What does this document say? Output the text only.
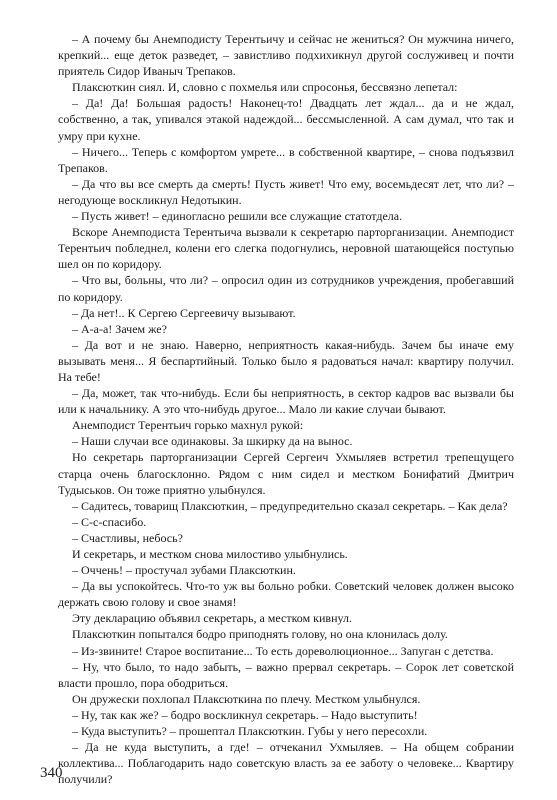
– А почему бы Анемподисту Терентьичу и сейчас не жениться? Он мужчина ничего, крепкий... еще деток разведет, – завистливо подхихикнул другой сослуживец и почти приятель Сидор Иваныч Трепаков.

Плаксюткин сиял. И, словно с похмелья или спросонья, бессвязно лепетал:

– Да! Да! Большая радость! Наконец-то! Двадцать лет ждал... да и не ждал, собственно, а так, упивался этакой надеждой... бессмысленной. А сам думал, что так и умру при кухне.

– Ничего... Теперь с комфортом умрете... в собственной квартире, – снова подъязвил Трепаков.

– Да что вы все смерть да смерть! Пусть живет! Что ему, восемьдесят лет, что ли? – негодующе воскликнул Недотыкин.

– Пусть живет! – единогласно решили все служащие статотдела.

Вскоре Анемподиста Терентьича вызвали к секретарю парторганизации. Анемподист Терентьич побледнел, колени его слегка подогнулись, неровной шатающейся поступью шел он по коридору.

– Что вы, больны, что ли? – опросил один из сотрудников учреждения, пробегавший по коридору.

– Да нет!.. К Сергею Сергеевичу вызывают.

– А-а-а! Зачем же?

– Да вот и не знаю. Наверно, неприятность какая-нибудь. Зачем бы иначе ему вызывать меня... Я беспартийный. Только было я радоваться начал: квартиру получил. На тебе!

– Да, может, так что-нибудь. Если бы неприятность, в сектор кадров вас вызвали бы или к начальнику. А это что-нибудь другое... Мало ли какие случаи бывают.

Анемподист Терентьич горько махнул рукой:

– Наши случаи все одинаковы. За шкирку да на вынос.

Но секретарь парторганизации Сергей Сергеич Ухмыляев встретил трепещущего старца очень благосклонно. Рядом с ним сидел и местком Бонифатий Дмитрич Тудыськов. Он тоже приятно улыбнулся.

– Садитесь, товарищ Плаксюткин, – предупредительно сказал секретарь. – Как дела?

– С-с-спасибо.

– Счастливы, небось?

И секретарь, и местком снова милостиво улыбнулись.

– Оччень! – простучал зубами Плаксюткин.

– Да вы успокойтесь. Что-то уж вы больно робки. Советский человек должен высоко держать свою голову и свое знамя!

Эту декларацию объявил секретарь, а местком кивнул.

Плаксюткин попытался бодро приподнять голову, но она клонилась долу.

– Из-звините! Старое воспитание... То есть дореволюционное... Запуган с детства.

– Ну, что было, то надо забыть, – важно прервал секретарь. – Сорок лет советской власти прошло, пора ободриться.

Он дружески похлопал Плаксюткина по плечу. Местком улыбнулся.

– Ну, так как же? – бодро воскликнул секретарь. – Надо выступить!

– Куда выступить? – прошептал Плаксюткин. Губы у него пересохли.

– Да не куда выступить, а где! – отчеканил Ухмыляев. – На общем собрании коллектива... Поблагодарить надо советскую власть за ее заботу о человеке... Квартиру получили?

340
